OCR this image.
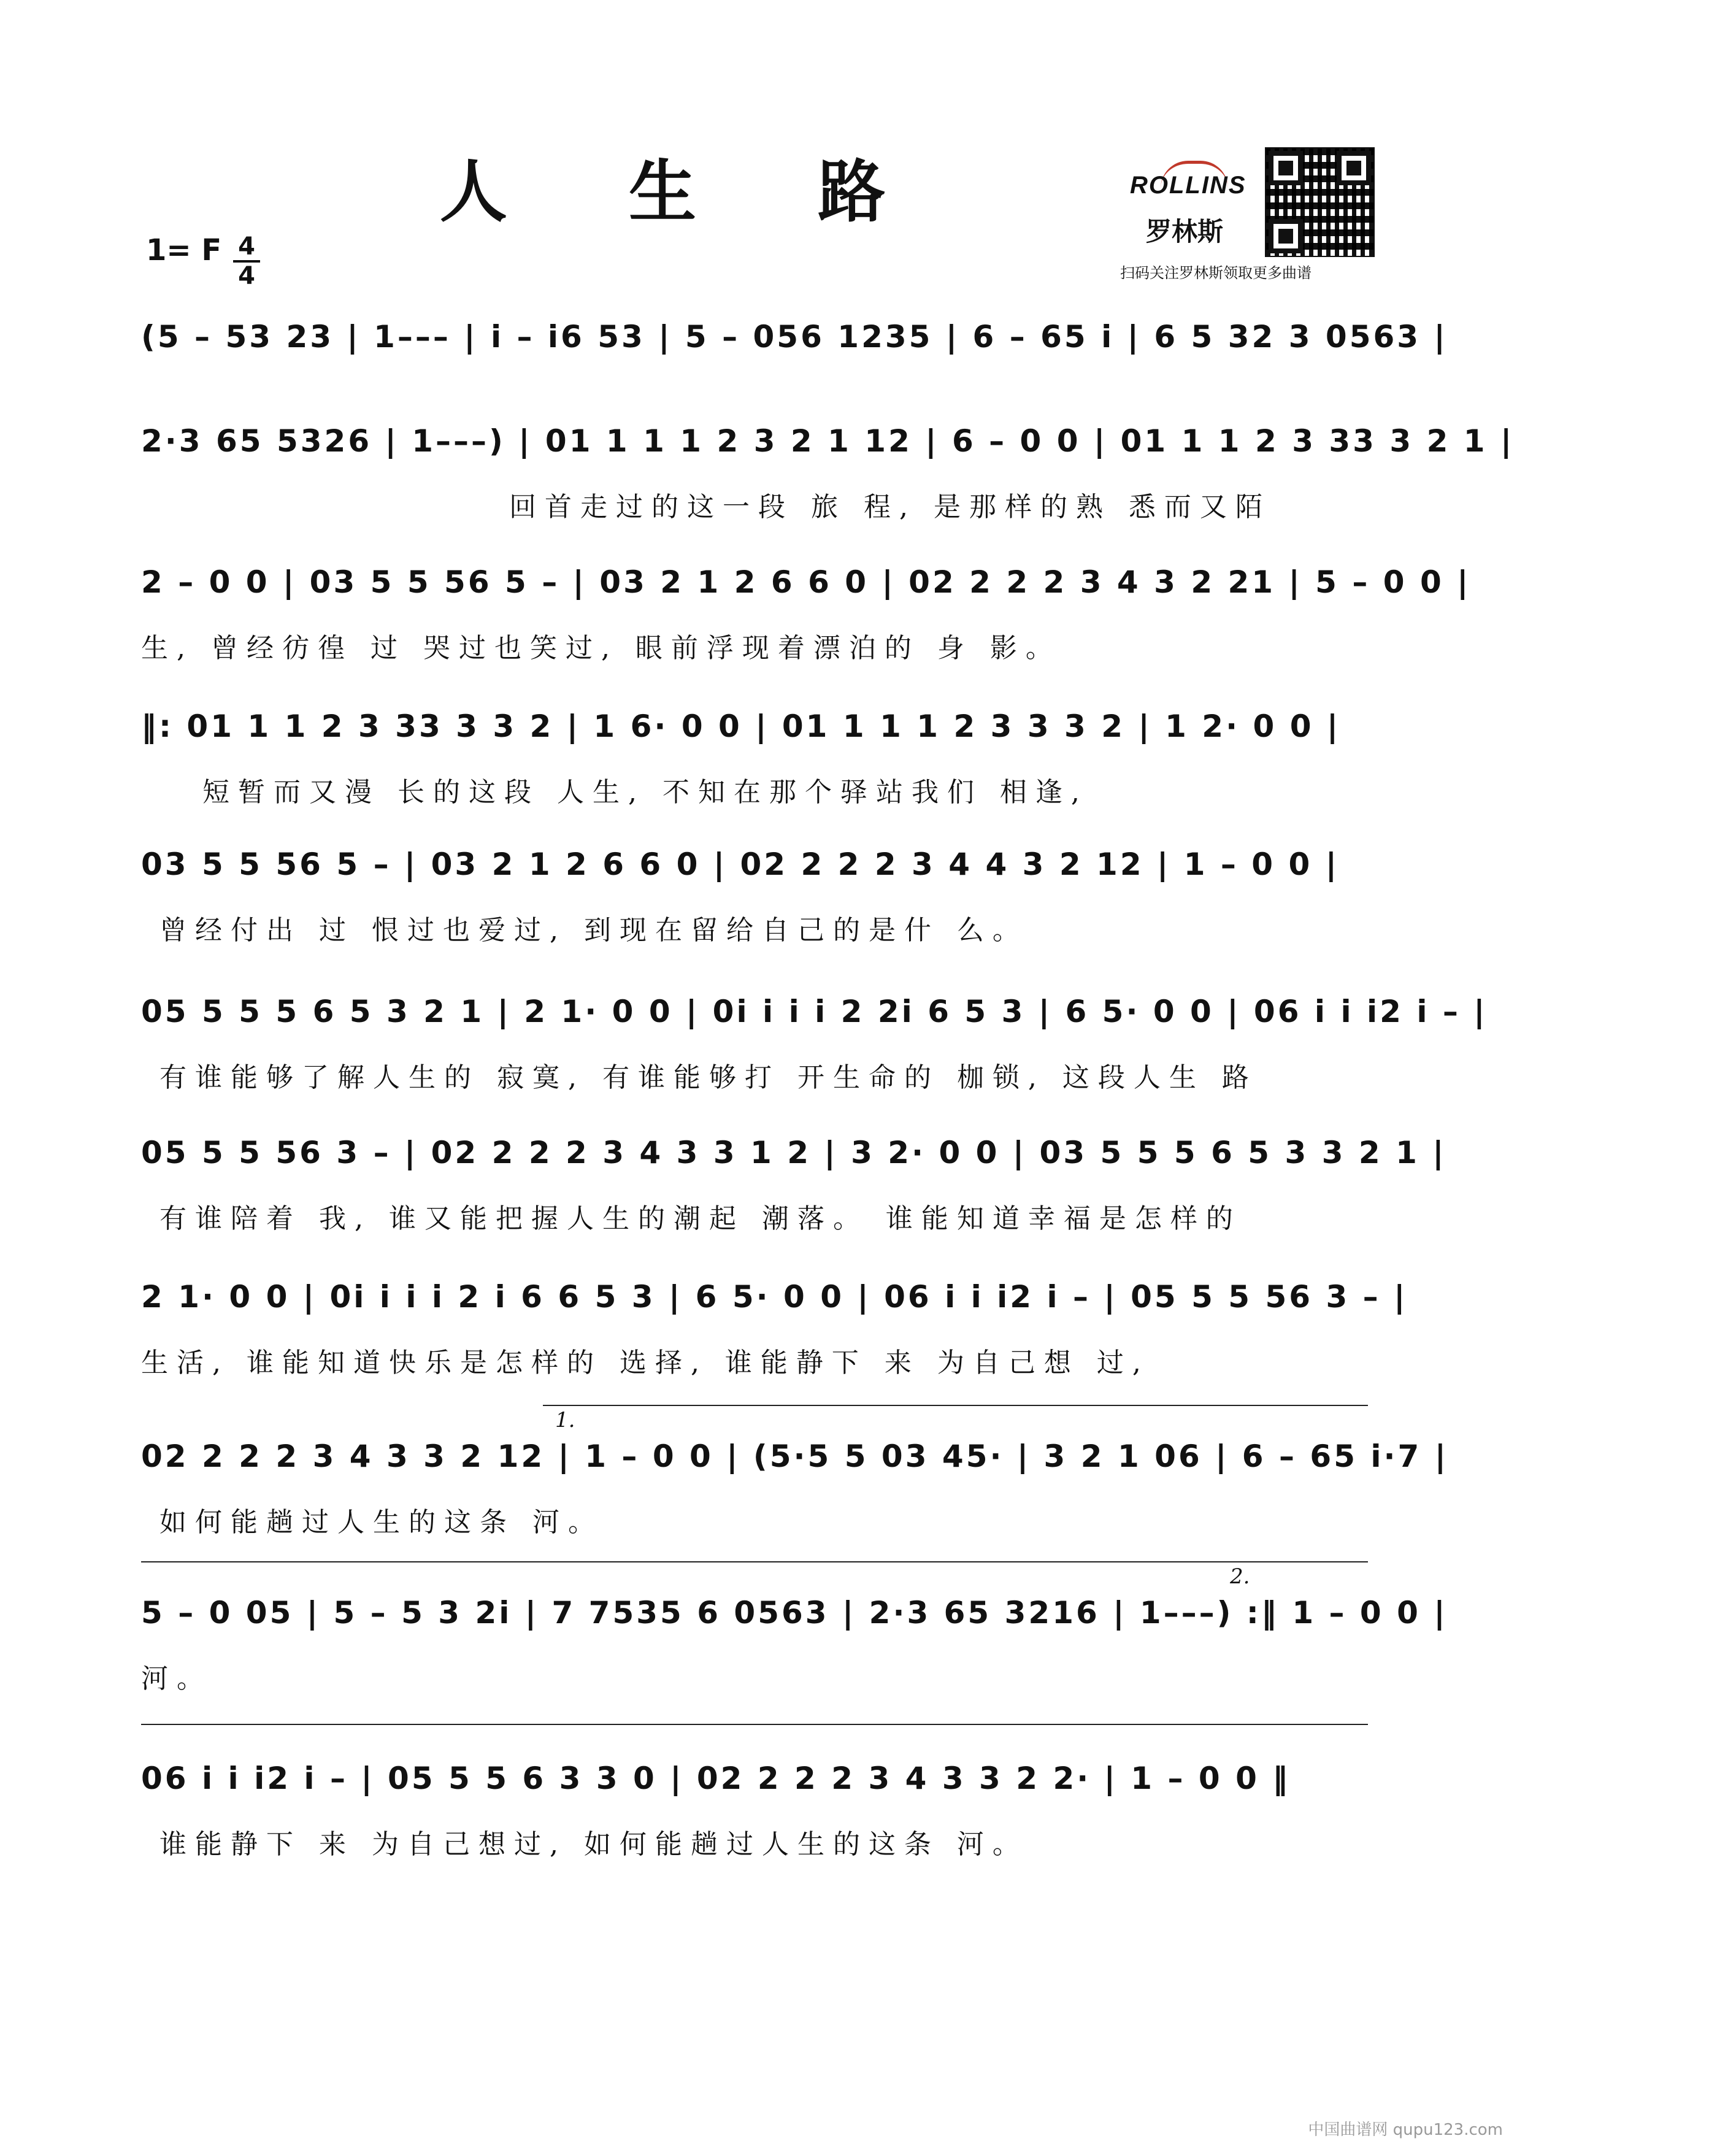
人 生 路
1= F 4
4
ROLLINS
罗林斯
扫码关注罗林斯领取更多曲谱
(5 – 53 23 | 1––– | i – i6 53 | 5 – 056 1235 | 6 – 65 i | 6 5 32 3 0563 |
2·3 65 5326 | 1–––) | 01 1 1 1 2 3 2 1 12 | 6 – 0 0 | 01 1 1 2 3 33 3 2 1 |
回首走过的这一段 旅 程, 是那样的熟 悉而又陌
2 – 0 0 | 03 5 5 56 5 – | 03 2 1 2 6 6 0 | 02 2 2 2 3 4 3 2 21 | 5 – 0 0 |
生, 曾经彷徨 过 哭过也笑过, 眼前浮现着漂泊的 身 影。
‖: 01 1 1 2 3 33 3 3 2 | 1 6· 0 0 | 01 1 1 1 2 3 3 3 2 | 1 2· 0 0 |
短暂而又漫 长的这段 人生, 不知在那个驿站我们 相逢,
03 5 5 56 5 – | 03 2 1 2 6 6 0 | 02 2 2 2 3 4 4 3 2 12 | 1 – 0 0 |
曾经付出 过 恨过也爱过, 到现在留给自己的是什 么。
05 5 5 5 6 5 3 2 1 | 2 1· 0 0 | 0i i i i 2 2i 6 5 3 | 6 5· 0 0 | 06 i i i2 i – |
有谁能够了解人生的 寂寞, 有谁能够打 开生命的 枷锁, 这段人生 路
05 5 5 56 3 – | 02 2 2 2 3 4 3 3 1 2 | 3 2· 0 0 | 03 5 5 5 6 5 3 3 2 1 |
有谁陪着 我, 谁又能把握人生的潮起 潮落。 谁能知道幸福是怎样的
2 1· 0 0 | 0i i i i 2 i 6 6 5 3 | 6 5· 0 0 | 06 i i i2 i – | 05 5 5 56 3 – |
生活, 谁能知道快乐是怎样的 选择, 谁能静下 来 为自己想 过,
1.
02 2 2 2 3 4 3 3 2 12 | 1 – 0 0 | (5·5 5 03 45· | 3 2 1 06 | 6 – 65 i·7 |
如何能趟过人生的这条 河。
2.
5 – 0 05 | 5 – 5 3 2i | 7 7535 6 0563 | 2·3 65 3216 | 1–––) :‖ 1 – 0 0 |
河。
06 i i i2 i – | 05 5 5 6 3 3 0 | 02 2 2 2 3 4 3 3 2 2· | 1 – 0 0 ‖
谁能静下 来 为自己想过, 如何能趟过人生的这条 河。
中国曲谱网 qupu123.com
